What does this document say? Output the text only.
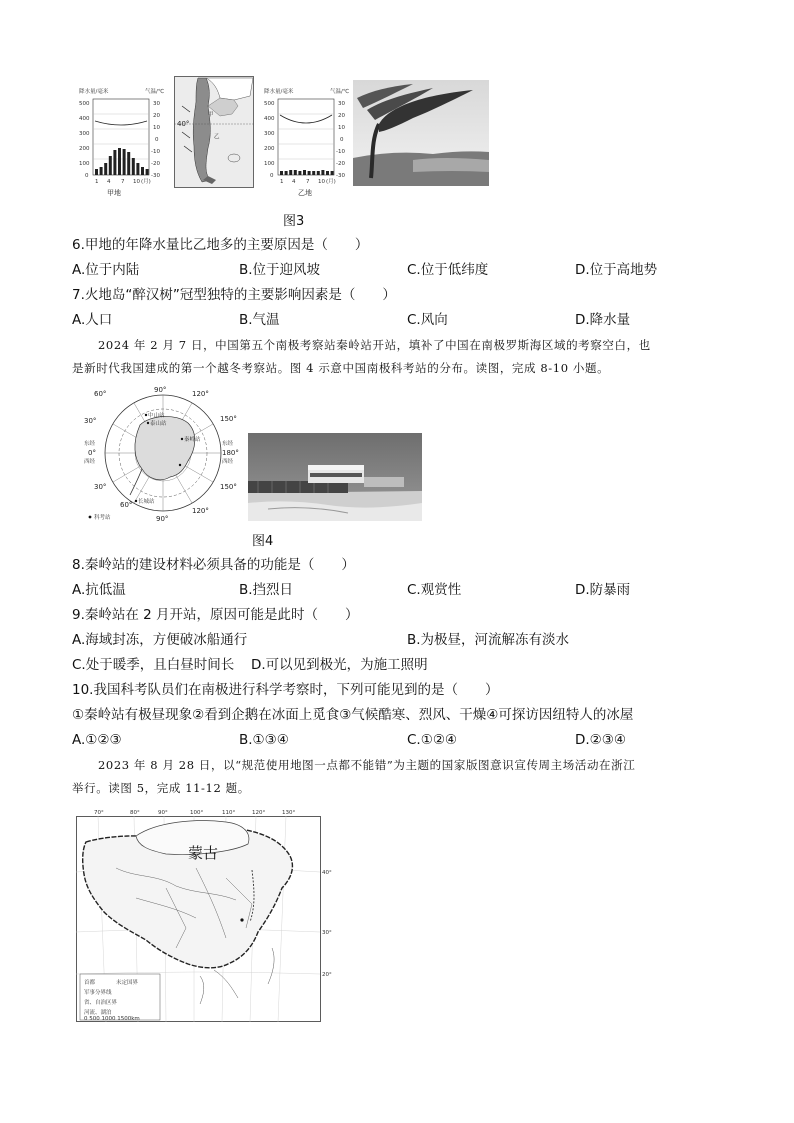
降水量/毫米	气温/℃
500
400
300
200
100
0
30
20
10
0
-10
-20
-30
1 4 7 10 (月)
甲地
40°
甲
乙
降水量/毫米	气温/℃
500
400
300
200
100
0
30
20
10
0
-10
-20
-30
1 4 7 10 (月)
乙地
图3
6.甲地的年降水量比乙地多的主要原因是（　　）
A.位于内陆	B.位于迎风坡	C.位于低纬度	D.位于高地势
7.火地岛“醉汉树”冠型独特的主要影响因素是（　　）
A.人口	B.气温	C.风向	D.降水量
2024 年 2 月 7 日，中国第五个南极考察站秦岭站开站，填补了中国在南极罗斯海区域的考察空白，也
是新时代我国建成的第一个越冬考察站。图 4 示意中国南极科考站的分布。读图，完成 8-10 小题。
90°	120°
60°
30°	150°
东经
0°
西经
东经
180°
西经
30°
60°
90°
120°
150°
中山站
泰山站
秦岭站
长城站
科考站
图4
8.秦岭站的建设材料必须具备的功能是（　　）
A.抗低温	B.挡烈日	C.观赏性	D.防暴雨
9.秦岭站在 2 月开站，原因可能是此时（　　）
A.海域封冻，方便破冰船通行	B.为极昼，河流解冻有淡水
C.处于暖季，且白昼时间长 D.可以见到极光，为施工照明
10.我国科考队员们在南极进行科学考察时，下列可能见到的是（　　）
①秦岭站有极昼现象②看到企鹅在冰面上觅食③气候酷寒、烈风、干燥④可探访因纽特人的冰屋
A.①②③	B.①③④	C.①②④	D.②③④
2023 年 8 月 28 日，以“规范使用地图一点都不能错”为主题的国家版图意识宣传周主场活动在浙江
举行。读图 5，完成 11-12 题。
70°	80°	90°	100°	110°	120°	130°
40°
30°
20°
蒙古
首都	未定国界
军事分界线
省、自治区界
河流、湖泊
0 500 1000 1500km
